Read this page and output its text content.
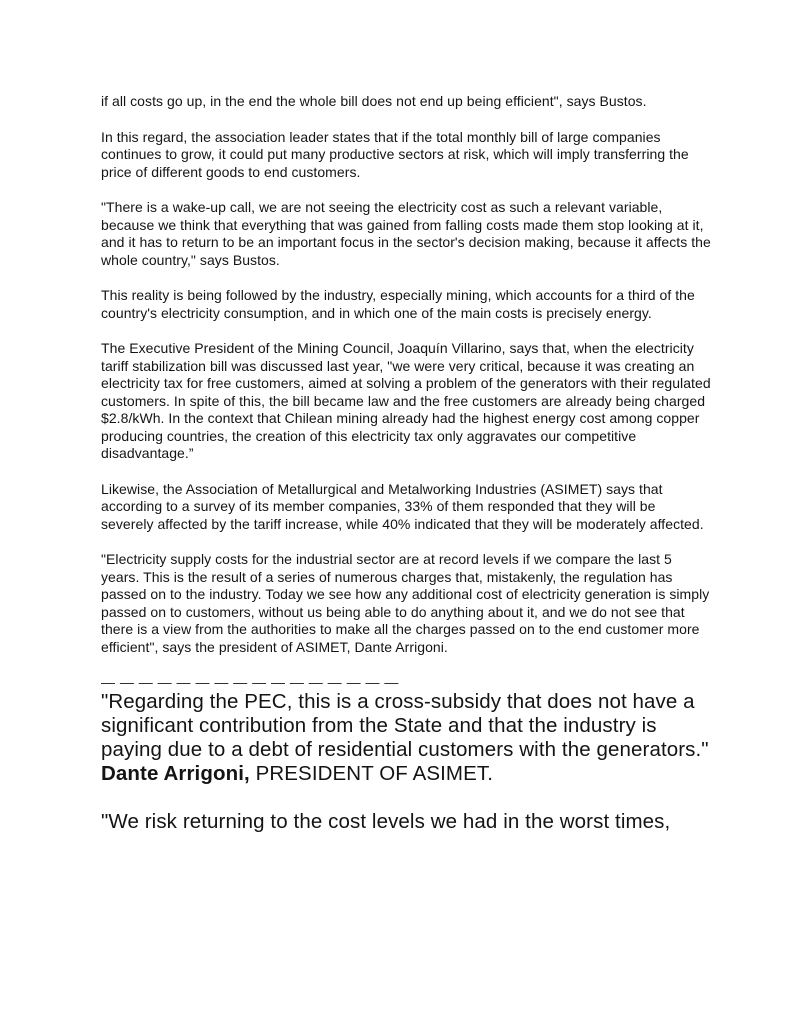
if all costs go up, in the end the whole bill does not end up being efficient", says Bustos.

In this regard, the association leader states that if the total monthly bill of large companies continues to grow, it could put many productive sectors at risk, which will imply transferring the price of different goods to end customers.

"There is a wake-up call, we are not seeing the electricity cost as such a relevant variable, because we think that everything that was gained from falling costs made them stop looking at it, and it has to return to be an important focus in the sector's decision making, because it affects the whole country," says Bustos.

This reality is being followed by the industry, especially mining, which accounts for a third of the country's electricity consumption, and in which one of the main costs is precisely energy.

The Executive President of the Mining Council, Joaquín Villarino, says that, when the electricity tariff stabilization bill was discussed last year, "we were very critical, because it was creating an electricity tax for free customers, aimed at solving a problem of the generators with their regulated customers. In spite of this, the bill became law and the free customers are already being charged $2.8/kWh. In the context that Chilean mining already had the highest energy cost among copper producing countries, the creation of this electricity tax only aggravates our competitive disadvantage.”

Likewise, the Association of Metallurgical and Metalworking Industries (ASIMET) says that according to a survey of its member companies, 33% of them responded that they will be severely affected by the tariff increase, while 40% indicated that they will be moderately affected.

"Electricity supply costs for the industrial sector are at record levels if we compare the last 5 years. This is the result of a series of numerous charges that, mistakenly, the regulation has passed on to the industry. Today we see how any additional cost of electricity generation is simply passed on to customers, without us being able to do anything about it, and we do not see that there is a view from the authorities to make all the charges passed on to the end customer more efficient", says the president of ASIMET, Dante Arrigoni.

— — — — — — — — — — — — — — — —

"Regarding the PEC, this is a cross-subsidy that does not have a significant contribution from the State and that the industry is paying due to a debt of residential customers with the generators."

Dante Arrigoni, PRESIDENT OF ASIMET.

"We risk returning to the cost levels we had in the worst times,
